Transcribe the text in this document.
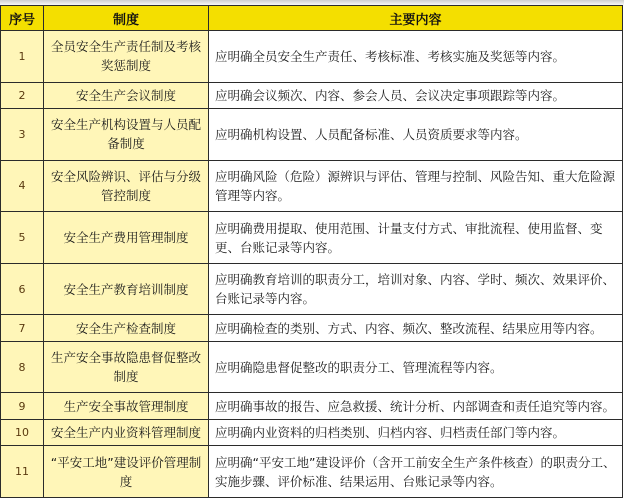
序号	制度	主要内容
1	全员安全生产责任制及考核奖惩制度	应明确全员安全生产责任、考核标准、考核实施及奖惩等内容。
2	安全生产会议制度	应明确会议频次、内容、参会人员、会议决定事项跟踪等内容。
3	安全生产机构设置与人员配备制度	应明确机构设置、人员配备标准、人员资质要求等内容。
4	安全风险辨识、评估与分级管控制度	应明确风险（危险）源辨识与评估、管理与控制、风险告知、重大危险源管理等内容。
5	安全生产费用管理制度	应明确费用提取、使用范围、计量支付方式、审批流程、使用监督、变更、台账记录等内容。
6	安全生产教育培训制度	应明确教育培训的职责分工，培训对象、内容、学时、频次、效果评价、台账记录等内容。
7	安全生产检查制度	应明确检查的类别、方式、内容、频次、整改流程、结果应用等内容。
8	生产安全事故隐患督促整改制度	应明确隐患督促整改的职责分工、管理流程等内容。
9	生产安全事故管理制度	应明确事故的报告、应急救援、统计分析、内部调查和责任追究等内容。
10	安全生产内业资料管理制度	应明确内业资料的归档类别、归档内容、归档责任部门等内容。
11	“平安工地”建设评价管理制度	应明确“平安工地”建设评价（含开工前安全生产条件核查）的职责分工、实施步骤、评价标准、结果运用、台账记录等内容。
